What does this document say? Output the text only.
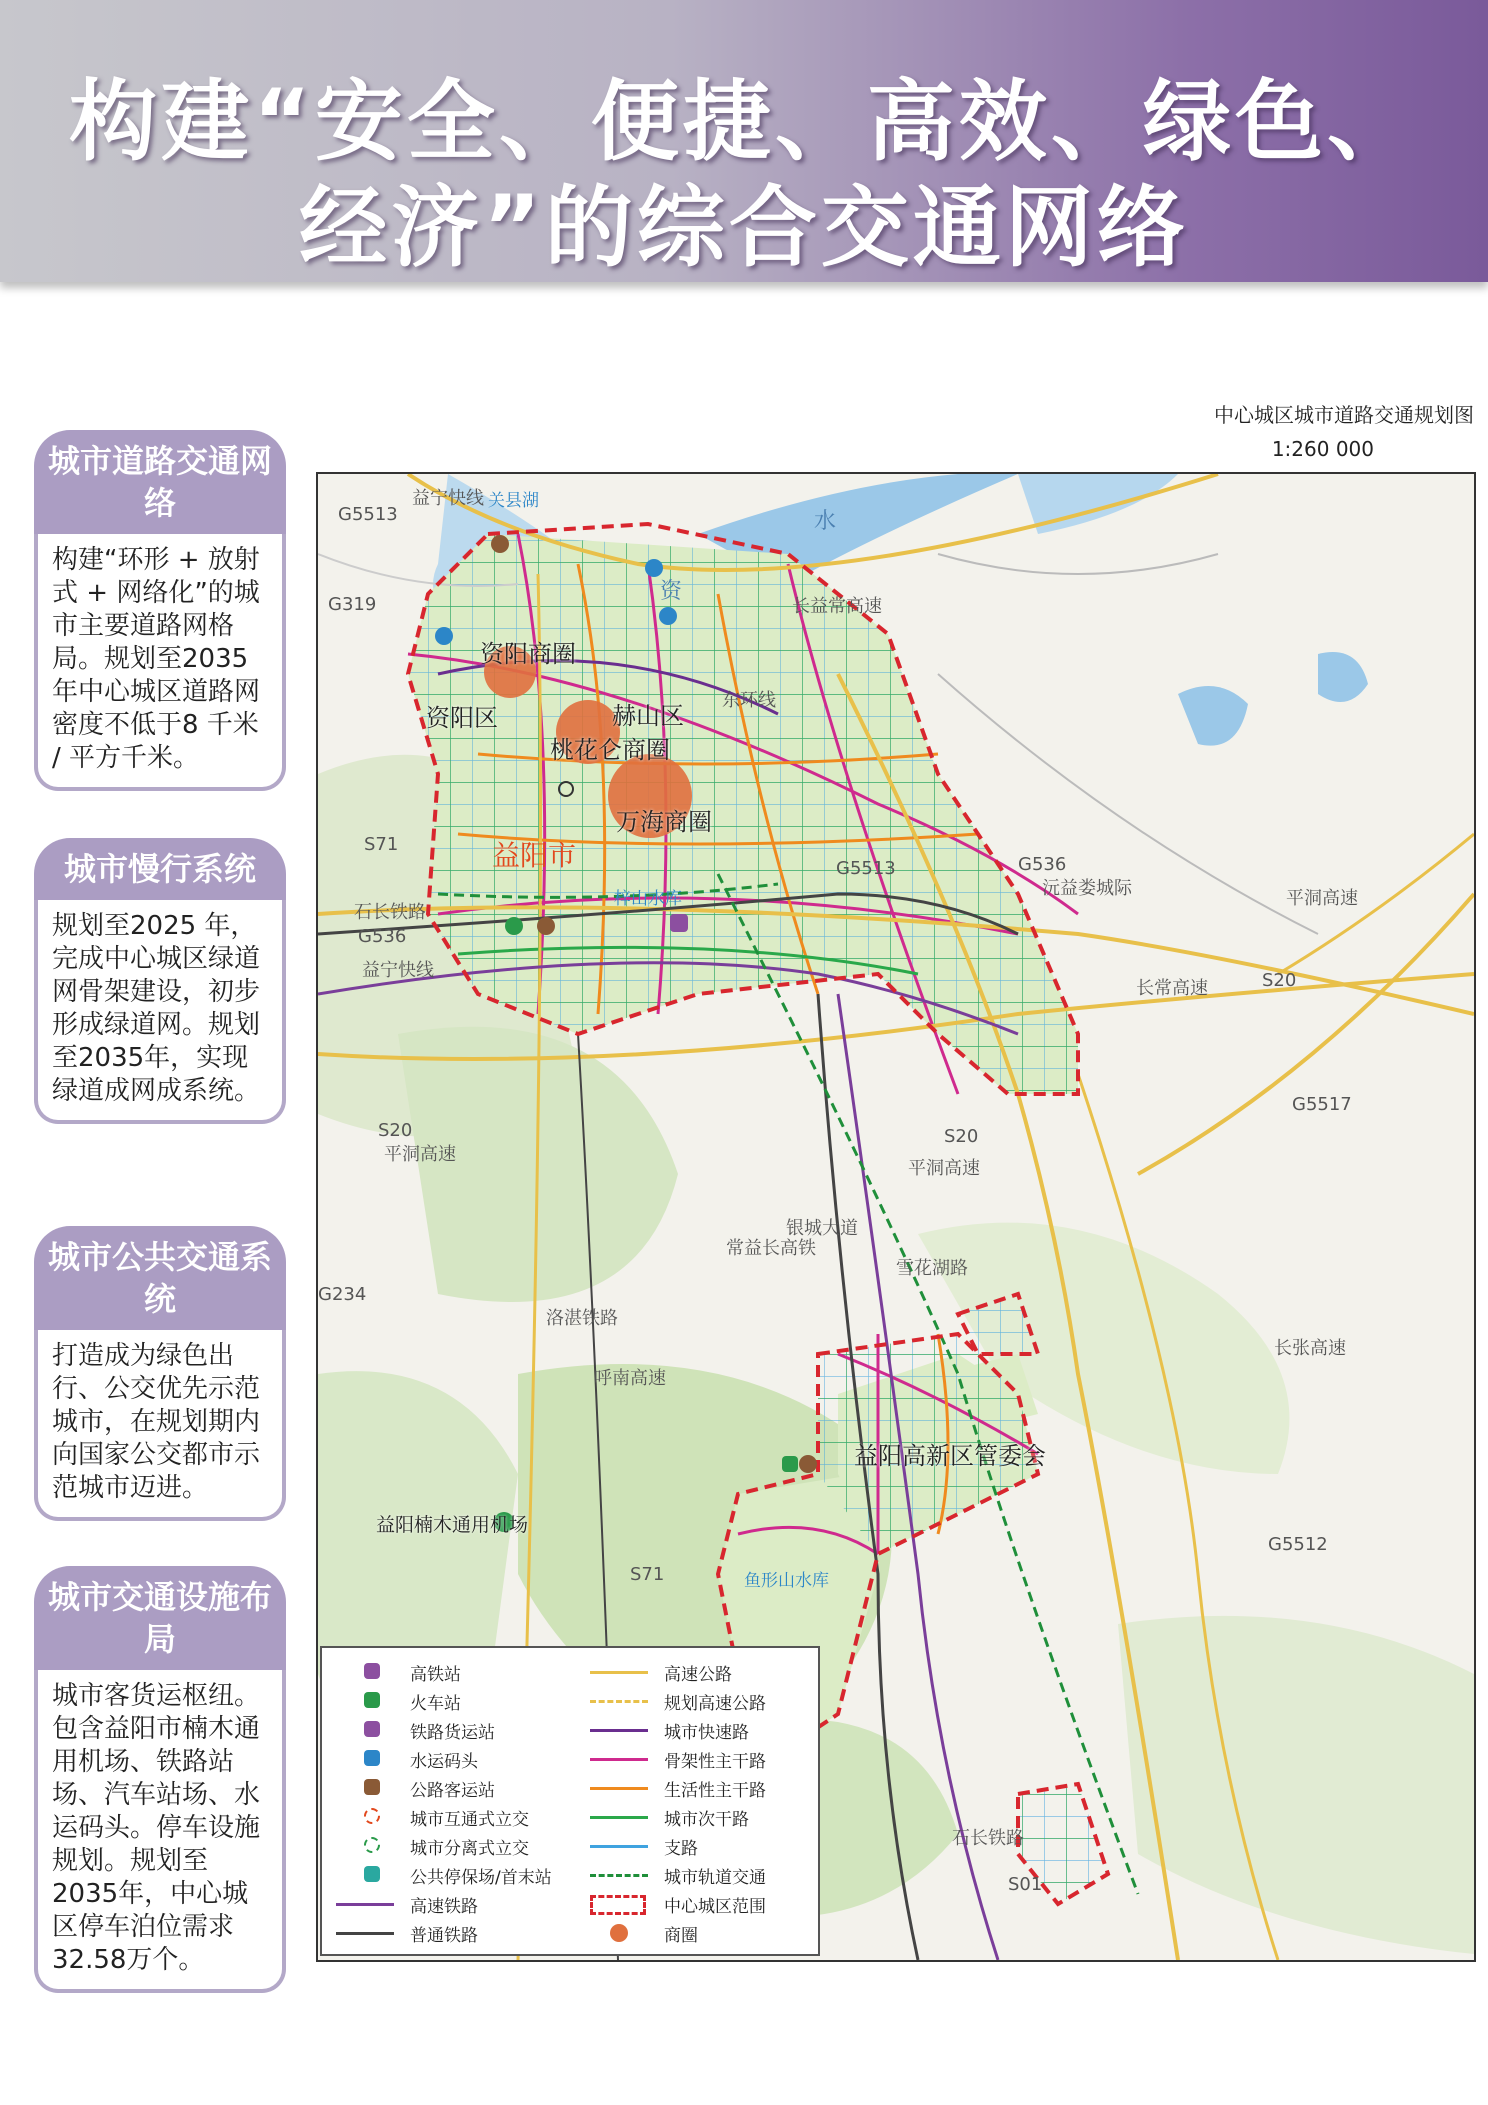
构建“安全、便捷、高效、绿色、
经济”的综合交通网络
中心城区城市道路交通规划图
1:260 000
城市道路交通网络
构建“环形 + 放射式 + 网络化”的城市主要道路网格局。规划至2035年中心城区道路网密度不低于8 千米 / 平方千米。
城市慢行系统
规划至2025 年，完成中心城区绿道网骨架建设，初步形成绿道网。规划至2035年，实现绿道成网成系统。
城市公共交通系统
打造成为绿色出行、公交优先示范城市，在规划期内向国家公交都市示范城市迈进。
城市交通设施布局
城市客货运枢纽。包含益阳市楠木通用机场、铁路站场、汽车站场、水运码头。停车设施规划。规划至2035年，中心城区停车泊位需求32.58万个。
益宁快线
G5513
G319
关县湖
资阳商圈
资阳区
桃花仑商圈
赫山区
万海商圈
益阳市
梓山水库
石长铁路
G536
益宁快线
S20
平洞高速
S20
平洞高速
东环线
G5513
长益常高速
沅益娄城际
G536
平洞高速
S20
长常高速
G5517
G234
S71
S71
洛湛铁路
呼南高速
常益长高铁
银城大道
雪花湖路
长张高速
G5512
S01
石长铁路
益阳高新区管委会
益阳楠木通用机场
鱼形山水库
水
资
高铁站
火车站
铁路货运站
水运码头
公路客运站
城市互通式立交
城市分离式立交
公共停保场/首末站
高速铁路
普通铁路
高速公路
规划高速公路
城市快速路
骨架性主干路
生活性主干路
城市次干路
支路
城市轨道交通
中心城区范围
商圈
